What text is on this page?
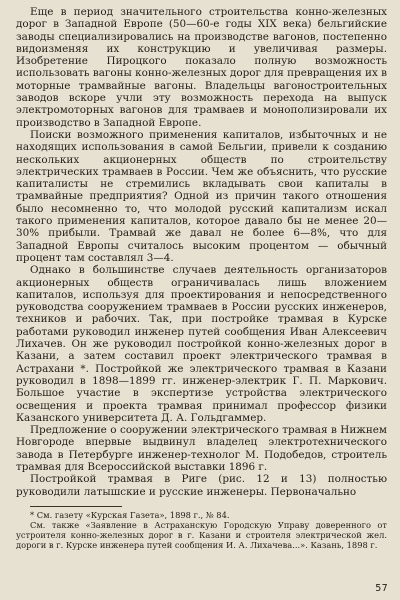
Еще в период значительного строительства конно-железных дорог в Западной Европе (50—60-е годы XIX века) бельгийские заводы специализировались на производстве вагонов, постепенно видоизменяя их конструкцию и увеличивая размеры. Изобретение Пироцкого показало полную возможность использовать вагоны конно-железных дорог для превращения их в моторные трамвайные вагоны. Владельцы вагоностроительных заводов вскоре учли эту возможность перехода на выпуск электромоторных вагонов для трамваев и монополизировали их производство в Западной Европе.

Поиски возможного применения капиталов, избыточных и не находящих использования в самой Бельгии, привели к созданию нескольких акционерных обществ по строительству электрических трамваев в России. Чем же объяснить, что русские капиталисты не стремились вкладывать свои капиталы в трамвайные предприятия? Одной из причин такого отношения было несомненно то, что молодой русский капитализм искал такого применения капиталов, которое давало бы не менее 20—30% прибыли. Трамвай же давал не более 6—8%, что для Западной Европы считалось высоким процентом — обычный процент там составлял 3—4.

Однако в большинстве случаев деятельность организаторов акционерных обществ ограничивалась лишь вложением капиталов, используя для проектирования и непосредственного руководства сооружением трамваев в России русских инженеров, техников и рабочих. Так, при постройке трамвая в Курске работами руководил инженер путей сообщения Иван Алексеевич Лихачев. Он же руководил постройкой конно-железных дорог в Казани, а затем составил проект электрического трамвая в Астрахани *. Постройкой же электрического трамвая в Казани руководил в 1898—1899 гг. инженер-электрик Г. П. Маркович. Большое участие в экспертизе устройства электрического освещения и проекта трамвая принимал профессор физики Казанского университета Д. А. Гольдгаммер.

Предложение о сооружении электрического трамвая в Нижнем Новгороде впервые выдвинул владелец электротехнического завода в Петербурге инженер-технолог М. Подобедов, строитель трамвая для Всероссийской выставки 1896 г.

Постройкой трамвая в Риге (рис. 12 и 13) полностью руководили латышские и русские инженеры. Первоначально

* См. газету «Курская Газета», 1898 г., № 84.

См. также «Заявление в Астраханскую Городскую Управу доверенного от устроителя конно-железных дорог в г. Казани и строителя электрической жел. дороги в г. Курске инженера путей сообщения И. А. Лихачева...». Казань, 1898 г.

57
